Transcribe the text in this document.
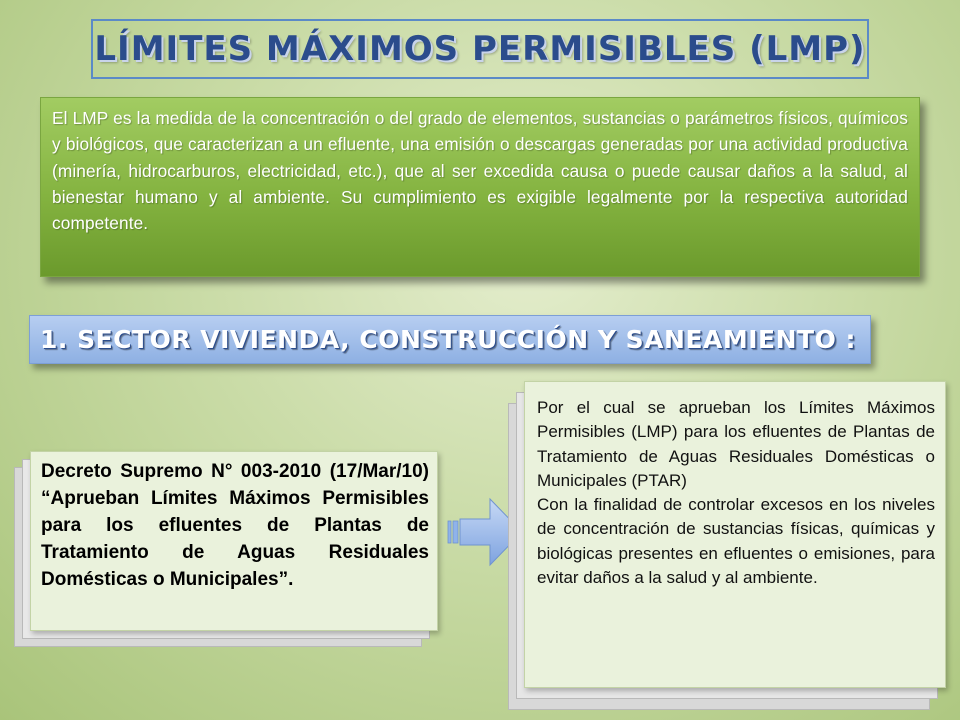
LÍMITES MÁXIMOS PERMISIBLES (LMP)
El LMP es la medida de la concentración o del grado de elementos, sustancias o parámetros físicos, químicos y biológicos, que caracterizan a un efluente, una emisión o descargas generadas por una actividad productiva (minería, hidrocarburos, electricidad, etc.), que al ser excedida causa o puede causar daños a la salud, al bienestar humano y al ambiente. Su cumplimiento es exigible legalmente por la respectiva autoridad competente.
1. SECTOR VIVIENDA, CONSTRUCCIÓN Y SANEAMIENTO :
Decreto Supremo N° 003-2010 (17/Mar/10) “Aprueban Límites Máximos Permisibles para los efluentes de Plantas de Tratamiento de Aguas Residuales Domésticas o Municipales”.

Por el cual se aprueban los Límites Máximos Permisibles (LMP) para los efluentes de Plantas de Tratamiento de Aguas Residuales Domésticas o Municipales (PTAR)

Con la finalidad de controlar excesos en los niveles de concentración de sustancias físicas, químicas y biológicas presentes en efluentes o emisiones, para evitar daños a la salud y al ambiente.
